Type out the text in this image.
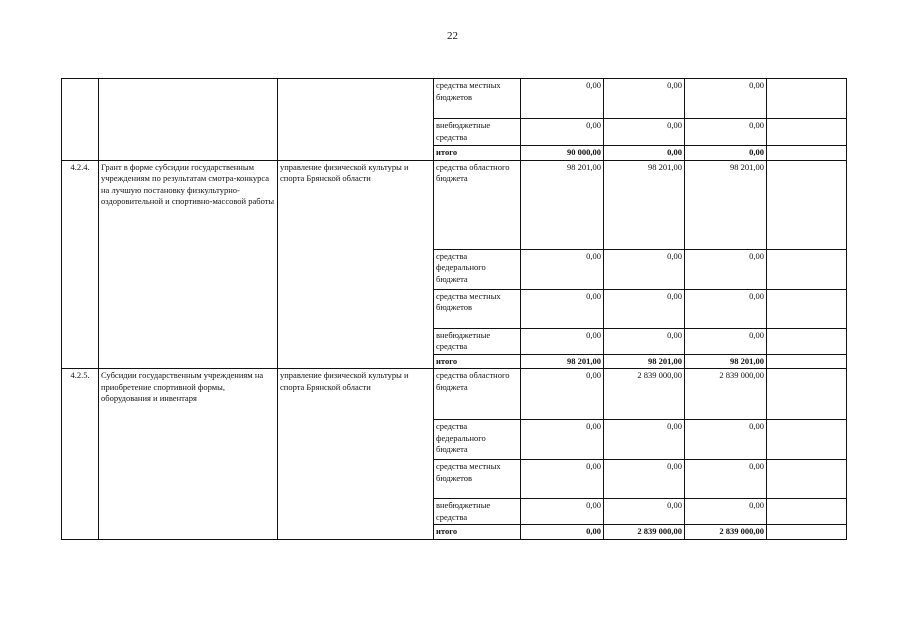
22
			средства местных бюджетов	0,00	0,00	0,00	
			внебюджетные средства	0,00	0,00	0,00	
			итого	90 000,00	0,00	0,00	
4.2.4.	Грант в форме субсидии государственным учреждениям по результатам смотра-конкурса на лучшую постановку физкультурно-оздоровительной и спортивно-массовой работы	управление физической культуры и спорта Брянской области	средства областного бюджета	98 201,00	98 201,00	98 201,00	
			средства федерального бюджета	0,00	0,00	0,00	
			средства местных бюджетов	0,00	0,00	0,00	
			внебюджетные средства	0,00	0,00	0,00	
			итого	98 201,00	98 201,00	98 201,00	
4.2.5.	Субсидии государственным учреждениям на приобретение спортивной формы, оборудования и инвентаря	управление физической культуры и спорта Брянской области	средства областного бюджета	0,00	2 839 000,00	2 839 000,00	
			средства федерального бюджета	0,00	0,00	0,00	
			средства местных бюджетов	0,00	0,00	0,00	
			внебюджетные средства	0,00	0,00	0,00	
			итого	0,00	2 839 000,00	2 839 000,00	
